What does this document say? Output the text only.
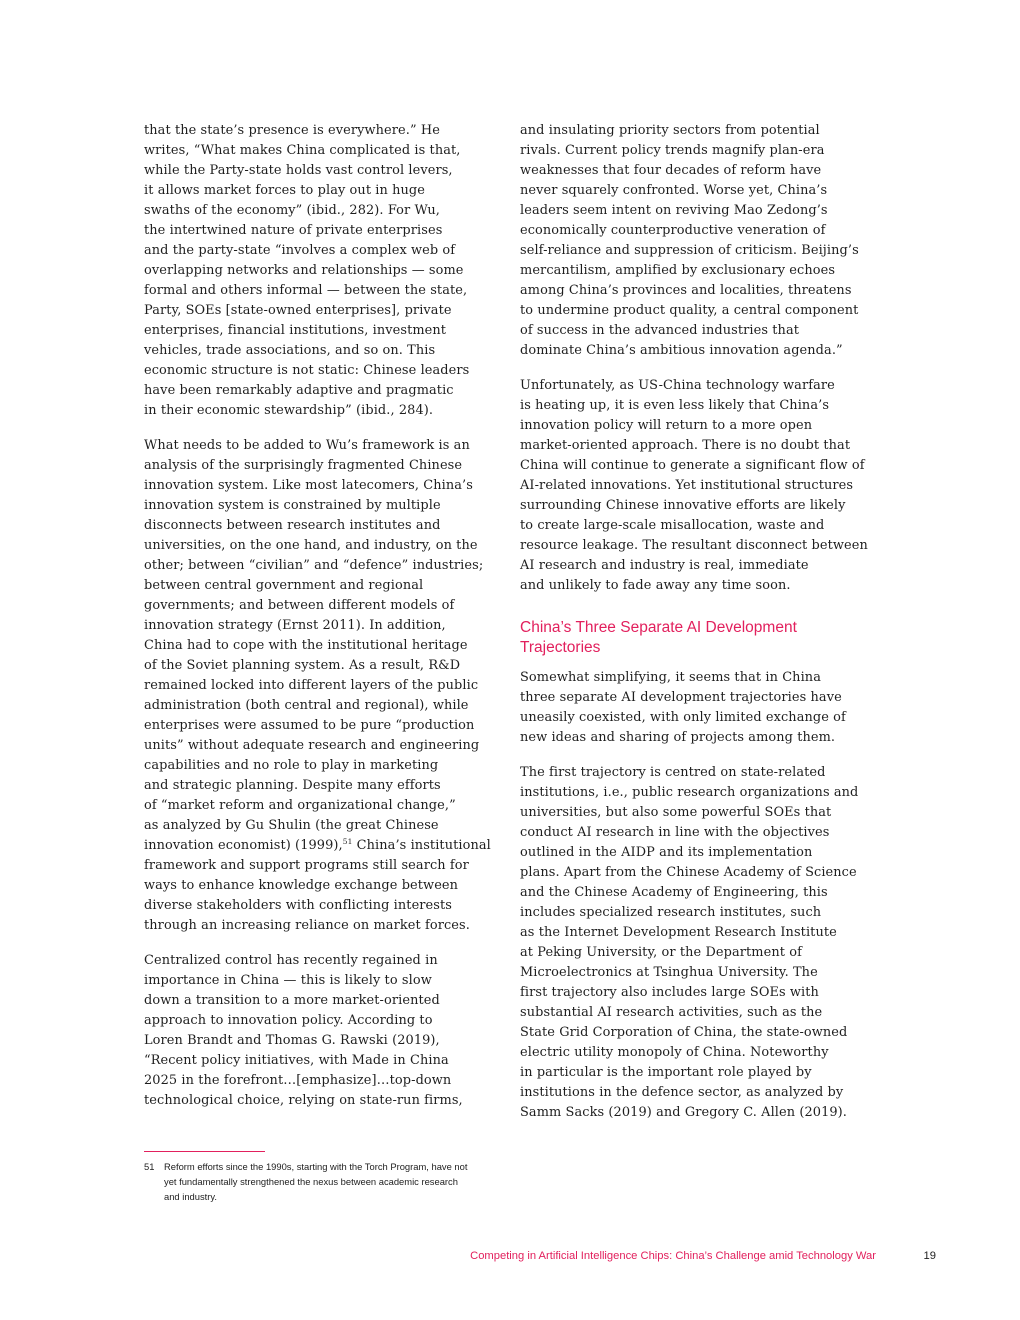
that the state’s presence is everywhere.” He
writes, “What makes China complicated is that,
while the Party-state holds vast control levers,
it allows market forces to play out in huge
swaths of the economy” (ibid., 282). For Wu,
the intertwined nature of private enterprises
and the party-state “involves a complex web of
overlapping networks and relationships — some
formal and others informal — between the state,
Party, SOEs [state-owned enterprises], private
enterprises, financial institutions, investment
vehicles, trade associations, and so on. This
economic structure is not static: Chinese leaders
have been remarkably adaptive and pragmatic
in their economic stewardship” (ibid., 284).

What needs to be added to Wu’s framework is an
analysis of the surprisingly fragmented Chinese
innovation system. Like most latecomers, China’s
innovation system is constrained by multiple
disconnects between research institutes and
universities, on the one hand, and industry, on the
other; between “civilian” and “defence” industries;
between central government and regional
governments; and between different models of
innovation strategy (Ernst 2011). In addition,
China had to cope with the institutional heritage
of the Soviet planning system. As a result, R&D
remained locked into different layers of the public
administration (both central and regional), while
enterprises were assumed to be pure “production
units” without adequate research and engineering
capabilities and no role to play in marketing
and strategic planning. Despite many efforts
of “market reform and organizational change,”
as analyzed by Gu Shulin (the great Chinese
innovation economist) (1999),$^{51}$ China’s institutional
framework and support programs still search for
ways to enhance knowledge exchange between
diverse stakeholders with conflicting interests
through an increasing reliance on market forces.

Centralized control has recently regained in
importance in China — this is likely to slow
down a transition to a more market-oriented
approach to innovation policy. According to
Loren Brandt and Thomas G. Rawski (2019),
“Recent policy initiatives, with Made in China
2025 in the forefront…[emphasize]…top-down
technological choice, relying on state-run firms,

and insulating priority sectors from potential
rivals. Current policy trends magnify plan-era
weaknesses that four decades of reform have
never squarely confronted. Worse yet, China’s
leaders seem intent on reviving Mao Zedong’s
economically counterproductive veneration of
self-reliance and suppression of criticism. Beijing’s
mercantilism, amplified by exclusionary echoes
among China’s provinces and localities, threatens
to undermine product quality, a central component
of success in the advanced industries that
dominate China’s ambitious innovation agenda.”

Unfortunately, as US-China technology warfare
is heating up, it is even less likely that China’s
innovation policy will return to a more open
market-oriented approach. There is no doubt that
China will continue to generate a significant flow of
AI-related innovations. Yet institutional structures
surrounding Chinese innovative efforts are likely
to create large-scale misallocation, waste and
resource leakage. The resultant disconnect between
AI research and industry is real, immediate
and unlikely to fade away any time soon.

China’s Three Separate AI Development
Trajectories

Somewhat simplifying, it seems that in China
three separate AI development trajectories have
uneasily coexisted, with only limited exchange of
new ideas and sharing of projects among them.

The first trajectory is centred on state-related
institutions, i.e., public research organizations and
universities, but also some powerful SOEs that
conduct AI research in line with the objectives
outlined in the AIDP and its implementation
plans. Apart from the Chinese Academy of Science
and the Chinese Academy of Engineering, this
includes specialized research institutes, such
as the Internet Development Research Institute
at Peking University, or the Department of
Microelectronics at Tsinghua University. The
first trajectory also includes large SOEs with
substantial AI research activities, such as the
State Grid Corporation of China, the state-owned
electric utility monopoly of China. Noteworthy
in particular is the important role played by
institutions in the defence sector, as analyzed by
Samm Sacks (2019) and Gregory C. Allen (2019).

51 Reform efforts since the 1990s, starting with the Torch Program, have not
yet fundamentally strengthened the nexus between academic research
and industry.
Competing in Artificial Intelligence Chips: China’s Challenge amid Technology War	19
